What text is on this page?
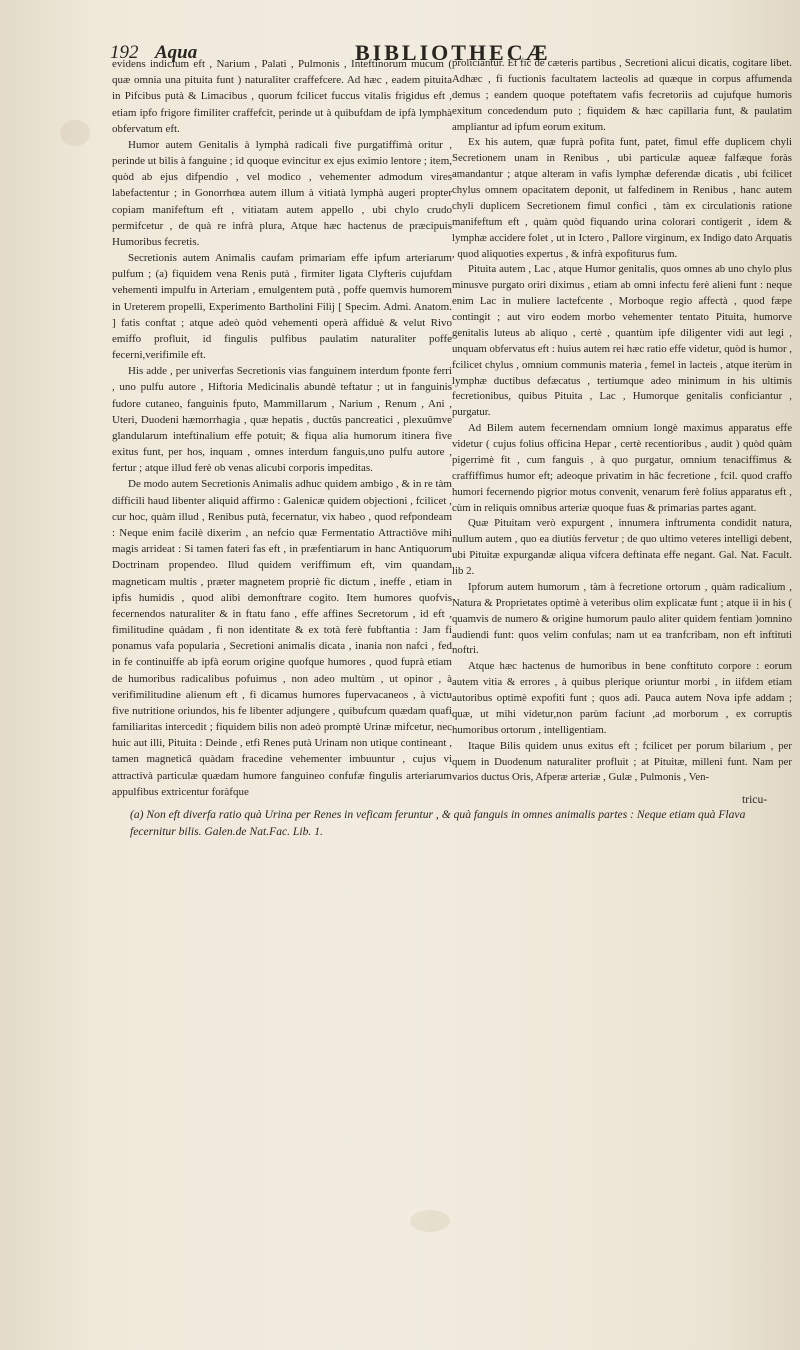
192 Aqua	BIBLIOTHECÆ

evidens indicium eft , Narium , Palati , Pulmonis , Inteftinorum mucum ( quæ omnia una pituita funt ) naturaliter craffefcere. Ad hæc , eadem pituita in Pifcibus putà & Limacibus , quorum fcilicet fuccus vitalis frigidus eft , etiam ipfo frigore fimiliter craffefcit, perinde ut à quibufdam de ipfà lymphà obfervatum eft.

Humor autem Genitalis à lymphà radicali five purgatiffimà oritur , perinde ut bilis à fanguine ; id quoque evincitur ex ejus eximio lentore ; item, quòd ab ejus difpendio , vel modico , vehementer admodum vires labefactentur ; in Gonorrhœa autem illum à vitiatà lymphà augeri propter copiam manifeftum eft , vitiatam autem appello , ubi chylo crudo permifcetur , de quà re infrà plura, Atque hæc hactenus de præcipuis Humoribus fecretis.

Secretionis autem Animalis caufam primariam effe ipfum arteriarum pulfum ; (a) fiquidem vena Renis putà , firmiter ligata Clyfteris cujufdam vehementi impulfu in Arteriam , emulgentem putà , poffe quemvis humorem in Ureterem propelli, Experimento Bartholini Filij [ Specim. Admi. Anatom. ] fatis conftat ; atque adeò quòd vehementi operà affiduè & velut Rivo emiffo profluit, id fingulis pulfibus paulatim naturaliter poffe fecerni,verifimile eft.

His adde , per univerfas Secretionis vias fanguinem interdum fponte ferri , uno pulfu autore , Hiftoria Medicinalis abundè teftatur ; ut in fanguinis fudore cutaneo, fanguinis fputo, Mammillarum , Narium , Renum , Ani , Uteri, Duodeni hæmorrhagia , quæ hepatis , ductûs pancreatici , plexuûmve glandularum inteftinalium effe potuit; & fiqua alia humorum itinera five exitus funt, per hos, inquam , omnes interdum fanguis,uno pulfu autore , fertur ; atque illud ferè ob venas alicubi corporis impeditas.

De modo autem Secretionis Animalis adhuc quidem ambigo , & in re tàm difficili haud libenter aliquid affirmo : Galenicæ quidem objectioni , fcilicet , cur hoc, quàm illud , Renibus putà, fecernatur, vix habeo , quod refpondeam : Neque enim facilè dixerim , an nefcio quæ Fermentatio Attractiôve mihi magis arrideat : Si tamen fateri fas eft , in præfentiarum in hanc Antiquorum Doctrinam propendeo. Illud quidem veriffimum eft, vim quandam magneticam multis , præter magnetem propriè fic dictum , ineffe , etiam in ipfis humidis , quod alibi demonftrare cogito. Item humores quofvis fecernendos naturaliter & in ftatu fano , effe affines Secretorum , id eft , fimilitudine quàdam , fi non identitate & ex totà ferè fubftantia : Jam fi ponamus vafa popularia , Secretioni animalis dicata , inania non nafci , fed in fe continuiffe ab ipfà eorum origine quofque humores , quod fuprà etiam de humoribus radicalibus pofuimus , non adeo multùm , ut opinor , à verifimilitudine alienum eft , fi dicamus humores fupervacaneos , à victu five nutritione oriundos, his fe libenter adjungere , quibufcum quædam quafi familiaritas intercedit ; fiquidem bilis non adeò promptè Urinæ mifcetur, nec huic aut illi, Pituita : Deinde , etfi Renes putà Urinam non utique contineant , tamen magneticâ quàdam fracedine vehementer imbuuntur , cujus vi attractivà particulæ quædam humore fanguineo confufæ fingulis arteriarum appulfibus extricentur foràfque

proliciantur. Et fic de cæteris partibus , Secretioni alicui dicatis, cogitare libet. Adhæc , fi fuctionis facultatem lacteolis ad quæque in corpus affumenda demus ; eandem quoque poteftatem vafis fecretoriis ad cujufque humoris exitum concedendum puto ; fiquidem & hæc capillaria funt, & paulatim ampliantur ad ipfum eorum exitum.

Ex his autem, quæ fuprà pofita funt, patet, fimul effe duplicem chyli Secretionem unam in Renibus , ubi particulæ aqueæ falfæque foràs amandantur ; atque alteram in vafis lymphæ deferendæ dicatis , ubi fcilicet chylus omnem opacitatem deponit, ut falfedinem in Renibus , hanc autem chyli duplicem Secretionem fimul confici , tàm ex circulationis ratione manifeftum eft , quàm quòd fiquando urina colorari contigerit , idem & lymphæ accidere folet , ut in Ictero , Pallore virginum, ex Indigo dato Arquatis , quod aliquoties expertus , & infrà expofiturus fum.

Pituita autem , Lac , atque Humor genitalis, quos omnes ab uno chylo plus minusve purgato oriri diximus , etiam ab omni infectu ferè alieni funt : neque enim Lac in muliere lactefcente , Morboque regio affectà , quod fæpe contingit ; aut viro eodem morbo vehementer tentato Pituita, humorve genitalis luteus ab aliquo , certè , quantùm ipfe diligenter vidi aut legi , unquam obfervatus eft : huius autem rei hæc ratio effe videtur, quòd is humor , fcilicet chylus , omnium communis materia , femel in lacteis , atque iterùm in lymphæ ductibus defæcatus , tertiumque adeo minimum in his ultimis fecretionibus, quibus Pituita , Lac , Humorque genitalis conficiantur , purgatur.

Ad Bilem autem fecernendam omnium longè maximus apparatus effe videtur ( cujus folius officina Hepar , certè recentioribus , audit ) quòd quàm pigerrimè fit , cum fanguis , à quo purgatur, omnium tenaciffimus & craffiffimus humor eft; adeoque privatim in hâc fecretione , fcil. quod craffo humori fecernendo pigrior motus convenit, venarum ferè folius apparatus eft , cùm in reliquis omnibus arteriæ quoque fuas & primarias partes agant.

Quæ Pituitam verò expurgent , innumera inftrumenta condidit natura, nullum autem , quo ea diutiùs fervetur ; de quo ultimo veteres intelligi debent, ubi Pituitæ expurgandæ aliqua vifcera deftinata effe negant. Gal. Nat. Facult. lib 2.

Ipforum autem humorum , tàm à fecretione ortorum , quàm radicalium , Natura & Proprietates optimè à veteribus olim explicatæ funt ; atque ii in his ( quamvis de numero & origine humorum paulo aliter quidem fentiam )omnino audiendi funt: quos velim confulas; nam ut ea tranfcribam, non eft inftituti noftri.

Atque hæc hactenus de humoribus in bene conftituto corpore : eorum autem vitia & errores , à quibus plerique oriuntur morbi , in iifdem etiam autoribus optimè expofiti funt ; quos adi. Pauca autem Nova ipfe addam ; quæ, ut mihi videtur,non parùm faciunt ,ad morborum , ex corruptis humoribus ortorum , intelligentiam.

Itaque Bilis quidem unus exitus eft ; fcilicet per porum bilarium , per quem in Duodenum naturaliter profluit ; at Pituitæ, milleni funt. Nam per varios ductus Oris, Afperæ arteriæ , Gulæ , Pulmonis , Ven-

tricu-
(a) Non eft diverfa ratio quà Urina per Renes in veficam feruntur , & quà fanguis in omnes animalis partes : Neque etiam quà Flava fecernitur bilis. Galen.de Nat.Fac. Lib. 1.
